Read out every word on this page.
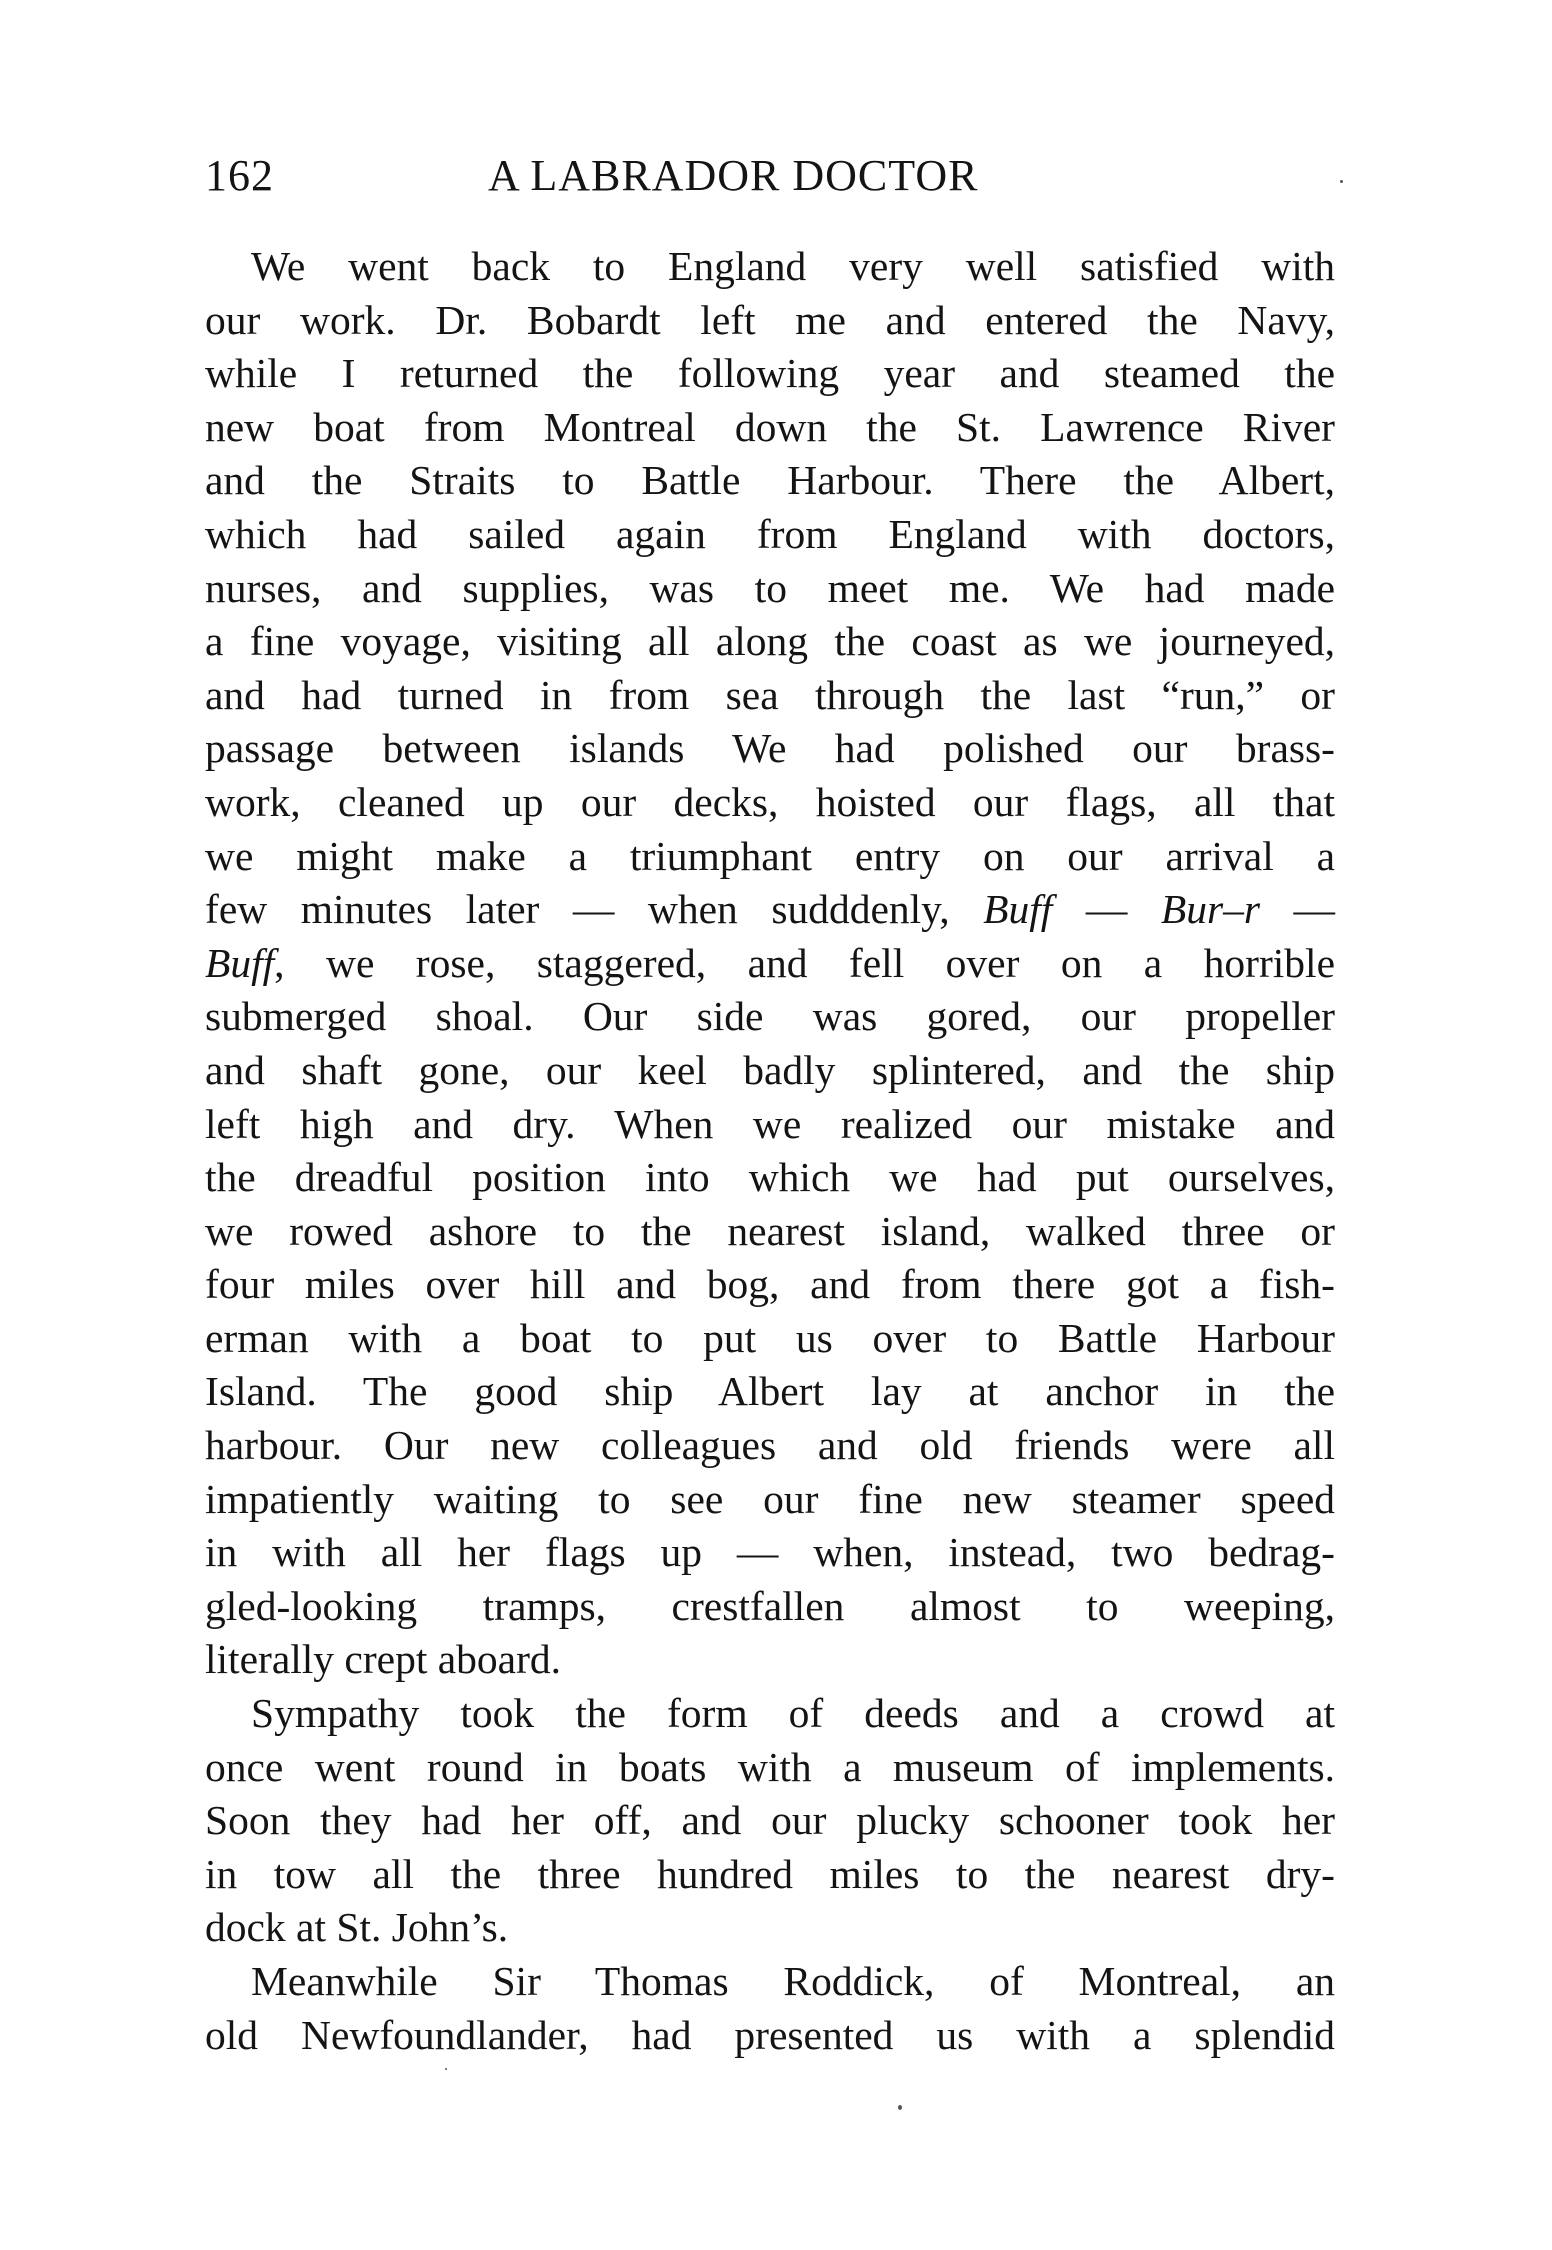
162	A LABRADOR DOCTOR
We went back to England very well satisfied with
our work. Dr. Bobardt left me and entered the Navy,
while I returned the following year and steamed the
new boat from Montreal down the St. Lawrence River
and the Straits to Battle Harbour. There the Albert,
which had sailed again from England with doctors,
nurses, and supplies, was to meet me. We had made
a fine voyage, visiting all along the coast as we journeyed,
and had turned in from sea through the last “run,” or
passage between islands We had polished our brass-
work, cleaned up our decks, hoisted our flags, all that
we might make a triumphant entry on our arrival a
few minutes later — when sudddenly, Buff — Bur–r —
Buff, we rose, staggered, and fell over on a horrible
submerged shoal. Our side was gored, our propeller
and shaft gone, our keel badly splintered, and the ship
left high and dry. When we realized our mistake and
the dreadful position into which we had put ourselves,
we rowed ashore to the nearest island, walked three or
four miles over hill and bog, and from there got a fish-
erman with a boat to put us over to Battle Harbour
Island. The good ship Albert lay at anchor in the
harbour. Our new colleagues and old friends were all
impatiently waiting to see our fine new steamer speed
in with all her flags up — when, instead, two bedrag-
gled-looking tramps, crestfallen almost to weeping,
literally crept aboard.
Sympathy took the form of deeds and a crowd at
once went round in boats with a museum of implements.
Soon they had her off, and our plucky schooner took her
in tow all the three hundred miles to the nearest dry-
dock at St. John’s.
Meanwhile Sir Thomas Roddick, of Montreal, an
old Newfoundlander, had presented us with a splendid
